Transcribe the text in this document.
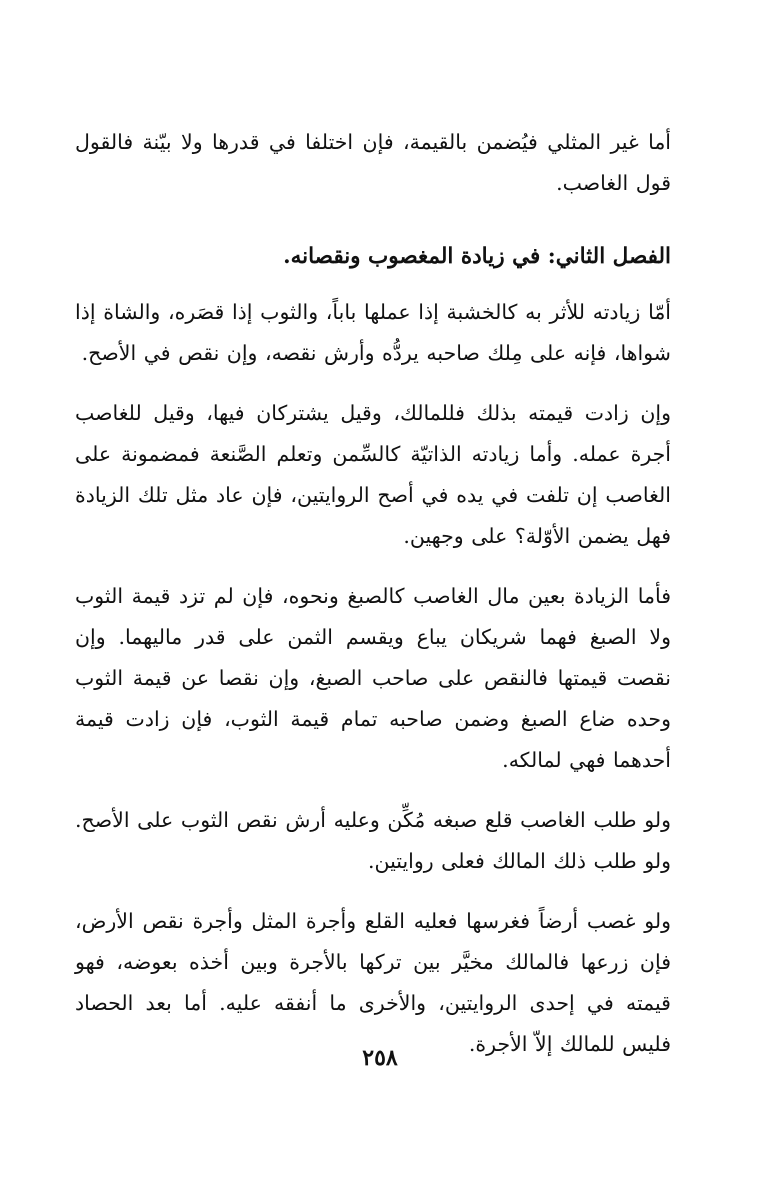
أما غير المثلي فيُضمن بالقيمة، فإن اختلفا في قدرها ولا بيّنة فالقول قول الغاصب.

الفصل الثاني: في زيادة المغصوب ونقصانه.

أمّا زيادته للأثر به كالخشبة إذا عملها باباً، والثوب إذا قصَره، والشاة إذا شواها، فإنه على مِلك صاحبه يردُّه وأرش نقصه، وإن نقص في الأصح.

وإن زادت قيمته بذلك فللمالك، وقيل يشتركان فيها، وقيل للغاصب أجرة عمله. وأما زيادته الذاتيّة كالسِّمن وتعلم الصَّنعة فمضمونة على الغاصب إن تلفت في يده في أصح الروايتين، فإن عاد مثل تلك الزيادة فهل يضمن الأوّلة؟ على وجهين.

فأما الزيادة بعين مال الغاصب كالصبغ ونحوه، فإن لم تزد قيمة الثوب ولا الصبغ فهما شريكان يباع ويقسم الثمن على قدر ماليهما. وإن نقصت قيمتها فالنقص على صاحب الصبغ، وإن نقصا عن قيمة الثوب وحده ضاع الصبغ وضمن صاحبه تمام قيمة الثوب، فإن زادت قيمة أحدهما فهي لمالكه.

ولو طلب الغاصب قلع صبغه مُكِّن وعليه أرش نقص الثوب على الأصح. ولو طلب ذلك المالك فعلى روايتين.

ولو غصب أرضاً فغرسها فعليه القلع وأجرة المثل وأجرة نقص الأرض، فإن زرعها فالمالك مخيَّر بين تركها بالأجرة وبين أخذه بعوضه، فهو قيمته في إحدى الروايتين، والأخرى ما أنفقه عليه. أما بعد الحصاد فليس للمالك إلاّ الأجرة.

٢٥٨
